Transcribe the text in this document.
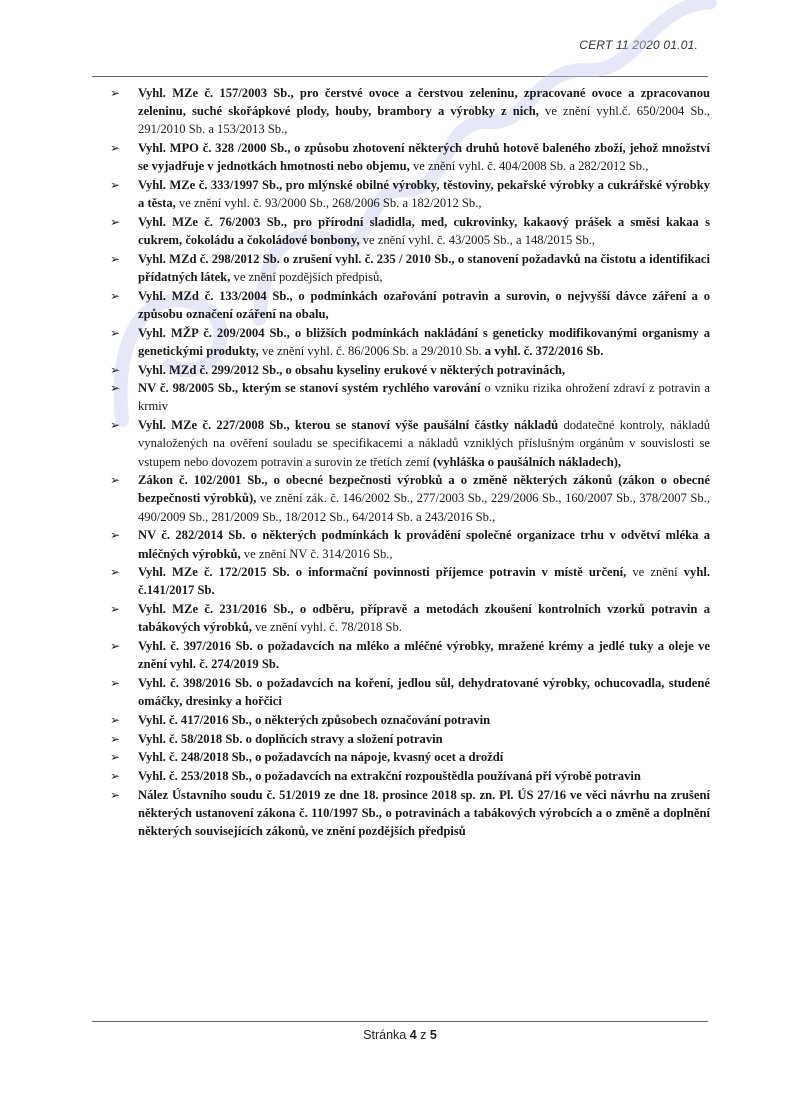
CERT 11 2020 01.01.
➢ Vyhl. MZe č. 157/2003 Sb., pro čerstvé ovoce a čerstvou zeleninu, zpracované ovoce a zpracovanou zeleninu, suché skořápkové plody, houby, brambory a výrobky z nich, ve znění vyhl.č. 650/2004 Sb., 291/2010 Sb. a 153/2013 Sb.,
➢ Vyhl. MPO č. 328 /2000 Sb., o způsobu zhotovení některých druhů hotově baleného zboží, jehož množství se vyjadřuje v jednotkách hmotnosti nebo objemu, ve znění vyhl. č. 404/2008 Sb. a 282/2012 Sb.,
➢ Vyhl. MZe č. 333/1997 Sb., pro mlýnské obilné výrobky, těstoviny, pekařské výrobky a cukrářské výrobky a těsta, ve znění vyhl. č. 93/2000 Sb., 268/2006 Sb. a 182/2012 Sb.,
➢ Vyhl. MZe č. 76/2003 Sb., pro přírodní sladidla, med, cukrovinky, kakaový prášek a směsi kakaa s cukrem, čokoládu a čokoládové bonbony, ve znění vyhl. č. 43/2005 Sb., a 148/2015 Sb.,
➢ Vyhl. MZd č. 298/2012 Sb. o zrušení vyhl. č. 235 / 2010 Sb., o stanovení požadavků na čistotu a identifikaci přídatných látek, ve znění pozdějších předpisů,
➢ Vyhl. MZd č. 133/2004 Sb., o podmínkách ozařování potravin a surovin, o nejvyšší dávce záření a o způsobu označení ozáření na obalu,
➢ Vyhl. MŽP č. 209/2004 Sb., o bližších podmínkách nakládání s geneticky modifikovanými organismy a genetickými produkty, ve znění vyhl. č. 86/2006 Sb. a 29/2010 Sb. a vyhl. č. 372/2016 Sb.
➢ Vyhl. MZd č. 299/2012 Sb., o obsahu kyseliny erukové v některých potravinách,
➢ NV č. 98/2005 Sb., kterým se stanoví systém rychlého varování o vzniku rizika ohrožení zdraví z potravin a krmiv
➢ Vyhl. MZe č. 227/2008 Sb., kterou se stanoví výše paušální částky nákladů dodatečné kontroly, nákladů vynaložených na ověření souladu se specifikacemi a nákladů vzniklých příslušným orgánům v souvislosti se vstupem nebo dovozem potravin a surovin ze třetích zemí (vyhláška o paušálních nákladech),
➢ Zákon č. 102/2001 Sb., o obecné bezpečnosti výrobků a o změně některých zákonů (zákon o obecné bezpečnosti výrobků), ve znění zák. č. 146/2002 Sb., 277/2003 Sb., 229/2006 Sb., 160/2007 Sb., 378/2007 Sb., 490/2009 Sb., 281/2009 Sb., 18/2012 Sb., 64/2014 Sb. a 243/2016 Sb.,
➢ NV č. 282/2014 Sb. o některých podmínkách k provádění společné organizace trhu v odvětví mléka a mléčných výrobků, ve znění NV č. 314/2016 Sb.,
➢ Vyhl. MZe č. 172/2015 Sb. o informační povinnosti příjemce potravin v místě určení, ve znění vyhl. č.141/2017 Sb.
➢ Vyhl. MZe č. 231/2016 Sb., o odběru, přípravě a metodách zkoušení kontrolních vzorků potravin a tabákových výrobků, ve znění vyhl. č. 78/2018 Sb.
➢ Vyhl. č. 397/2016 Sb. o požadavcích na mléko a mléčné výrobky, mražené krémy a jedlé tuky a oleje ve znění vyhl. č. 274/2019 Sb.
➢ Vyhl. č. 398/2016 Sb. o požadavcích na koření, jedlou sůl, dehydratované výrobky, ochucovadla, studené omáčky, dresinky a hořčici
➢ Vyhl. č. 417/2016 Sb., o některých způsobech označování potravin
➢ Vyhl. č. 58/2018 Sb. o doplňcích stravy a složení potravin
➢ Vyhl. č. 248/2018 Sb., o požadavcích na nápoje, kvasný ocet a droždí
➢ Vyhl. č. 253/2018 Sb., o požadavcích na extrakční rozpouštědla používaná při výrobě potravin
➢ Nález Ústavního soudu č. 51/2019 ze dne 18. prosince 2018 sp. zn. Pl. ÚS 27/16 ve věci návrhu na zrušení některých ustanovení zákona č. 110/1997 Sb., o potravinách a tabákových výrobcích a o změně a doplnění některých souvisejících zákonů, ve znění pozdějších předpisů
Stránka 4 z 5
